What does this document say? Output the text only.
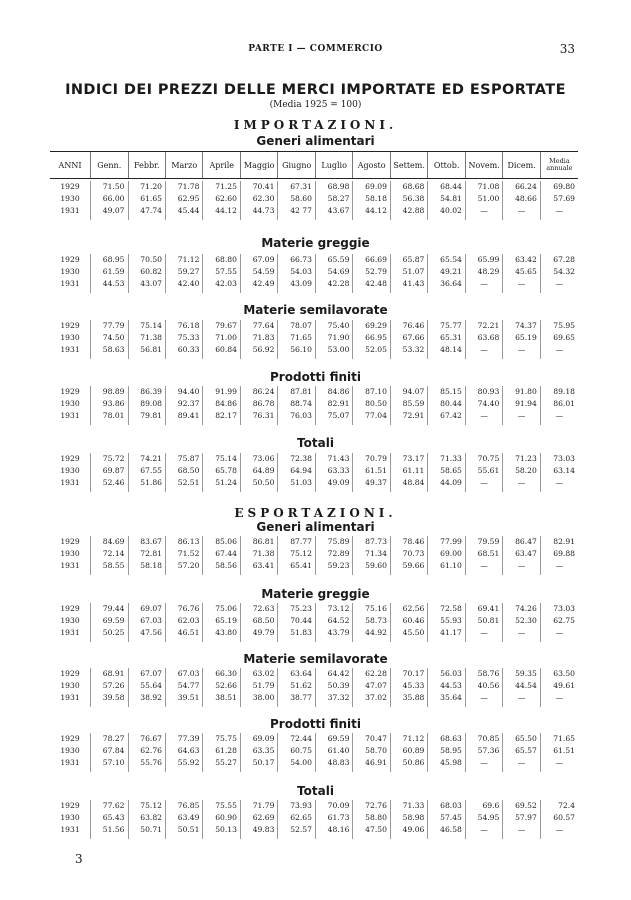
PARTE I — COMMERCIO	33
INDICI DEI PREZZI DELLE MERCI IMPORTATE ED ESPORTATE
(Media 1925 = 100)
IMPORTAZIONI.
Generi alimentari
ANNI	Genn.	Febbr.	Marzo	Aprile	Maggio	Giugno	Luglio	Agosto	Settem.	Ottob.	Novem.	Dicem.	Media annuale
1929	71.50	71.20	71.78	71.25	70.41	67.31	68.98	69.09	68.68	68.44	71.08	66.24	69.80
1930	66.00	61.65	62.95	62.60	62.30	58.60	58.27	58.18	56.38	54.81	51.00	48.66	57.69
1931	49.07	47.74	45.44	44.12	44.73	42 77	43.67	44.12	42.88	40.02	—	—	—
Materie greggie
1929	68.95	70.50	71.12	68.80	67.09	66.73	65.59	66.69	65.87	65.54	65.99	63.42	67.28
1930	61.59	60.82	59.27	57.55	54.59	54.03	54.69	52.79	51.07	49.21	48.29	45.65	54.32
1931	44.53	43.07	42.40	42.03	42.49	43.09	42.28	42.48	41.43	36.64	—	—	—
Materie semilavorate
1929	77.79	75.14	76.18	79.67	77.64	78.07	75.40	69.29	76.46	75.77	72.21	74.37	75.95
1930	74.50	71.38	75.33	71.00	71.83	71.65	71.90	66.95	67.66	65.31	63.68	65.19	69.65
1931	58.63	56.81	60.33	60.84	56.92	56.10	53.00	52.05	53.32	48.14	—	—	—
Prodotti finiti
1929	98.89	86.39	94.40	91.99	86.24	87.81	84.86	87.10	94.07	85.15	80.93	91.80	89.18
1930	93.86	89.08	92.37	84.86	86.78	88.74	82.91	80.50	85.59	80.44	74.40	91.94	86.01
1931	78.01	79.81	89.41	82.17	76.31	76.03	75.07	77.04	72.91	67.42	—	—	—
Totali
1929	75.72	74.21	75.87	75.14	73.06	72.38	71.43	70.79	73.17	71.33	70.75	71.23	73.03
1930	69.87	67.55	68.50	65.78	64.89	64.94	63.33	61.51	61.11	58.65	55.61	58.20	63.14
1931	52.46	51.86	52.51	51.24	50.50	51.03	49.09	49.37	48.84	44.09	—	—	—
ESPORTAZIONI.
Generi alimentari
1929	84.69	83.67	86.13	85.06	86.81	87.77	75.89	87.73	78.46	77.99	79.59	86.47	82.91
1930	72.14	72.81	71.52	67.44	71.38	75.12	72.89	71.34	70.73	69.00	68.51	63.47	69.88
1931	58.55	58.18	57.20	58.56	63.41	65.41	59.23	59.60	59.66	61.10	—	—	—
Materie greggie
1929	79.44	69.07	76.76	75.06	72.63	75.23	73.12	75.16	62.56	72.58	69.41	74.26	73.03
1930	69.59	67.03	62.03	65.19	68.50	70.44	64.52	58.73	60.46	55.93	50.81	52.30	62.75
1931	50.25	47.56	46.51	43.80	49.79	51.83	43.79	44.92	45.50	41.17	—	—	—
Materie semilavorate
1929	68.91	67.07	67.03	66.30	63.02	63.64	64.42	62.28	70.17	56.03	58.76	59.35	63.50
1930	57.26	55.64	54.77	52.66	51.79	51.62	50.39	47.07	45.33	44.53	40.56	44.54	49.61
1931	39.58	38.92	39.51	38.51	38.00	38.77	37.32	37.02	35.88	35.64	—	—	—
Prodotti finiti
1929	78.27	76.67	77.39	75.75	69.09	72.44	69.59	70.47	71.12	68.63	70.85	65.50	71.65
1930	67.84	62.76	64.63	61.28	63.35	60.75	61.40	58.70	60.89	58.95	57.36	65.57	61.51
1931	57.10	55.76	55.92	55.27	50.17	54.00	48.83	46.91	50.86	45.98	—	—	—
Totali
1929	77.62	75.12	76.85	75.55	71.79	73.93	70.09	72.76	71.33	68.03	69.6	69.52	72.4
1930	65.43	63.82	63.49	60.90	62.69	62.65	61.73	58.80	58.98	57.45	54.95	57.97	60.57
1931	51.56	50.71	50.51	50.13	49.83	52.57	48.16	47.50	49.06	46.58	—	—	—
3
